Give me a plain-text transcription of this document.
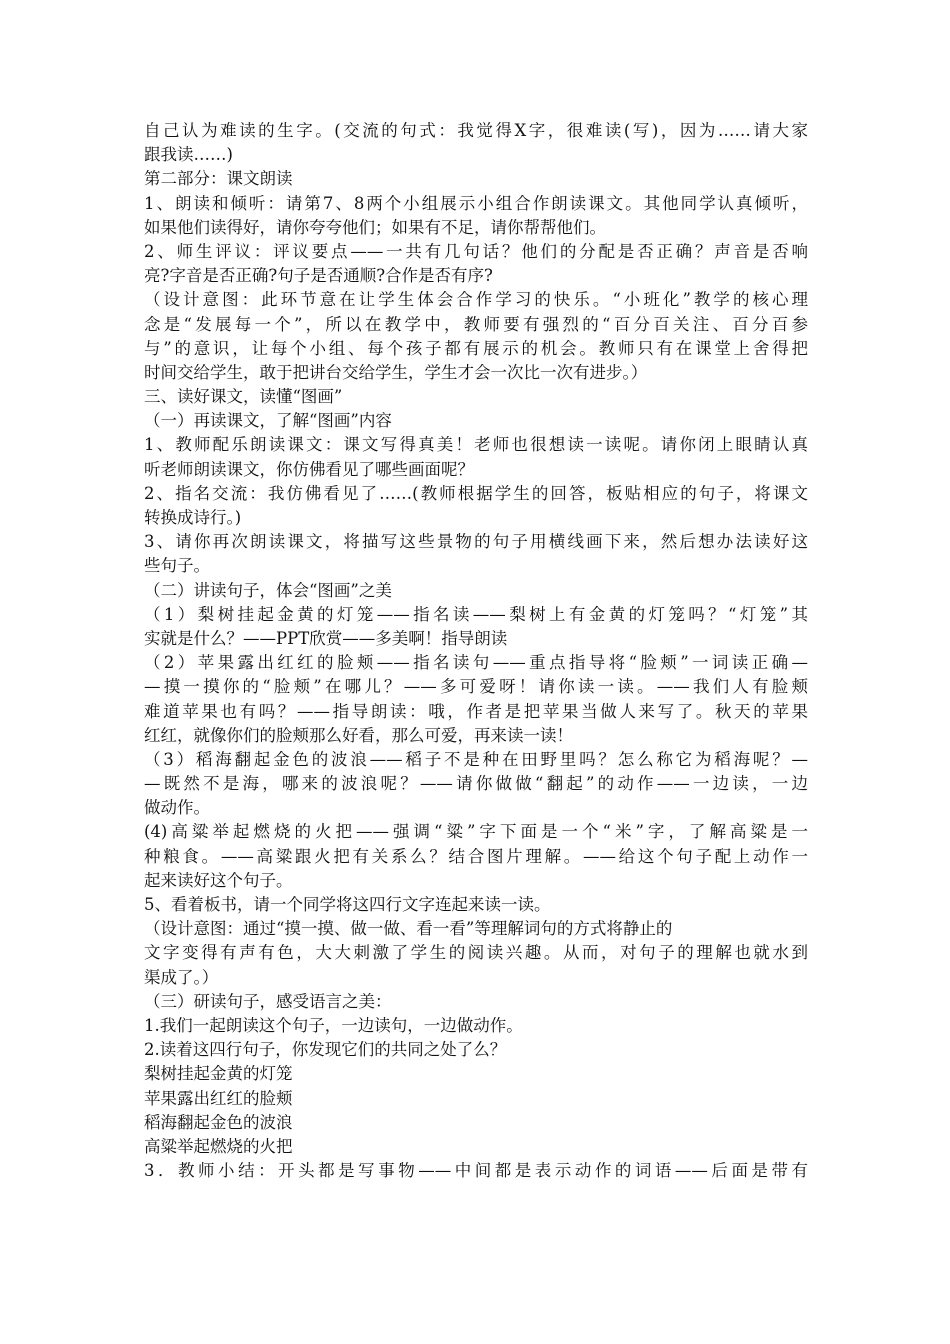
自己认为难读的生字。(交流的句式：我觉得X字，很难读(写)，因为……请大家
跟我读……)
第二部分：课文朗读
1、朗读和倾听：请第7、8两个小组展示小组合作朗读课文。其他同学认真倾听，
如果他们读得好，请你夸夸他们；如果有不足，请你帮帮他们。
2、师生评议：评议要点——一共有几句话？他们的分配是否正确？声音是否响
亮?字音是否正确?句子是否通顺?合作是否有序?
（设计意图：此环节意在让学生体会合作学习的快乐。“小班化”教学的核心理
念是“发展每一个”，所以在教学中，教师要有强烈的“百分百关注、百分百参
与”的意识，让每个小组、每个孩子都有展示的机会。教师只有在课堂上舍得把
时间交给学生，敢于把讲台交给学生，学生才会一次比一次有进步。）
三、读好课文，读懂“图画”
（一）再读课文，了解“图画”内容
1、教师配乐朗读课文：课文写得真美！老师也很想读一读呢。请你闭上眼睛认真
听老师朗读课文，你仿佛看见了哪些画面呢？
2、指名交流：我仿佛看见了……(教师根据学生的回答，板贴相应的句子，将课文
转换成诗行。)
3、请你再次朗读课文，将描写这些景物的句子用横线画下来，然后想办法读好这
些句子。
（二）讲读句子，体会“图画”之美
（1）梨树挂起金黄的灯笼——指名读——梨树上有金黄的灯笼吗？“灯笼”其
实就是什么？——PPT欣赏——多美啊！指导朗读
（2）苹果露出红红的脸颊——指名读句——重点指导将“脸颊”一词读正确—
—摸一摸你的“脸颊”在哪儿？——多可爱呀！请你读一读。——我们人有脸颊
难道苹果也有吗？——指导朗读：哦，作者是把苹果当做人来写了。秋天的苹果
红红，就像你们的脸颊那么好看，那么可爱，再来读一读！
（3）稻海翻起金色的波浪——稻子不是种在田野里吗？怎么称它为稻海呢？—
—既然不是海，哪来的波浪呢？——请你做做“翻起”的动作——一边读，一边
做动作。
(4)高粱举起燃烧的火把——强调“粱”字下面是一个“米”字，了解高粱是一
种粮食。——高粱跟火把有关系么？结合图片理解。——给这个句子配上动作一
起来读好这个句子。
5、看着板书，请一个同学将这四行文字连起来读一读。
（设计意图：通过“摸一摸、做一做、看一看”等理解词句的方式将静止的
文字变得有声有色，大大刺激了学生的阅读兴趣。从而，对句子的理解也就水到
渠成了。）
（三）研读句子，感受语言之美：
1.我们一起朗读这个句子，一边读句，一边做动作。
2.读着这四行句子，你发现它们的共同之处了么？
梨树挂起金黄的灯笼
苹果露出红红的脸颊
稻海翻起金色的波浪
高粱举起燃烧的火把
3．教师小结：开头都是写事物——中间都是表示动作的词语——后面是带有
